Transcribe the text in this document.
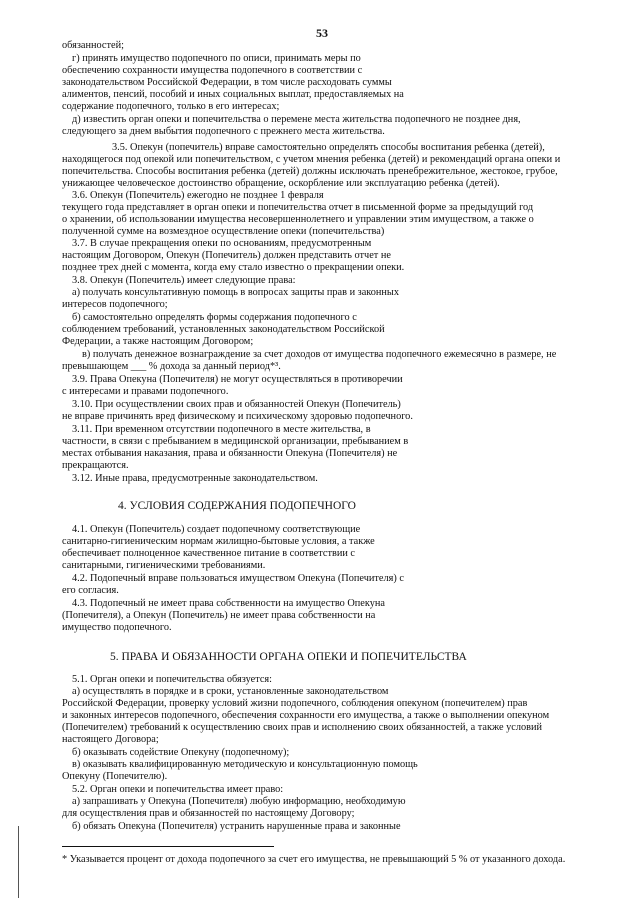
53
обязанностей;
г) принять имущество подопечного по описи, принимать меры по
обеспечению сохранности имущества подопечного в соответствии с
законодательством Российской Федерации, в том числе расходовать суммы
алиментов, пенсий, пособий и иных социальных выплат, предоставляемых на
содержание подопечного, только в его интересах;
д) известить орган опеки и попечительства о перемене места жительства подопечного не позднее дня,
следующего за днем выбытия подопечного с прежнего места жительства.
3.5. Опекун (попечитель) вправе самостоятельно определять способы воспитания ребенка (детей),
находящегося под опекой или попечительством, с учетом мнения ребенка (детей) и рекомендаций органа опеки и
попечительства. Способы воспитания ребенка (детей) должны исключать пренебрежительное, жестокое, грубое,
унижающее человеческое достоинство обращение, оскорбление или эксплуатацию ребенка (детей).
3.6. Опекун (Попечитель) ежегодно не позднее 1 февраля
текущего года представляет в орган опеки и попечительства отчет в письменной форме за предыдущий год
о хранении, об использовании имущества несовершеннолетнего и управлении этим имуществом, а также о
полученной сумме на возмездное осуществление опеки (попечительства)
3.7. В случае прекращения опеки по основаниям, предусмотренным
настоящим Договором, Опекун (Попечитель) должен представить отчет не
позднее трех дней с момента, когда ему стало известно о прекращении опеки.
3.8. Опекун (Попечитель) имеет следующие права:
а) получать консультативную помощь в вопросах защиты прав и законных
интересов подопечного;
б) самостоятельно определять формы содержания подопечного с
соблюдением требований, установленных законодательством Российской
Федерации, а также настоящим Договором;
в) получать денежное вознаграждение за счет доходов от имущества подопечного ежемесячно в размере, не
превышающем ___ % дохода за данный период*³.
3.9. Права Опекуна (Попечителя) не могут осуществляться в противоречии
с интересами и правами подопечного.
3.10. При осуществлении своих прав и обязанностей Опекун (Попечитель)
не вправе причинять вред физическому и психическому здоровью подопечного.
3.11. При временном отсутствии подопечного в месте жительства, в
частности, в связи с пребыванием в медицинской организации, пребыванием в
местах отбывания наказания, права и обязанности Опекуна (Попечителя) не
прекращаются.
3.12. Иные права, предусмотренные законодательством.
4. УСЛОВИЯ СОДЕРЖАНИЯ ПОДОПЕЧНОГО
4.1. Опекун (Попечитель) создает подопечному соответствующие
санитарно-гигиеническим нормам жилищно-бытовые условия, а также
обеспечивает полноценное качественное питание в соответствии с
санитарными, гигиеническими требованиями.
4.2. Подопечный вправе пользоваться имуществом Опекуна (Попечителя) с
его согласия.
4.3. Подопечный не имеет права собственности на имущество Опекуна
(Попечителя), а Опекун (Попечитель) не имеет права собственности на
имущество подопечного.
5. ПРАВА И ОБЯЗАННОСТИ ОРГАНА ОПЕКИ И ПОПЕЧИТЕЛЬСТВА
5.1. Орган опеки и попечительства обязуется:
а) осуществлять в порядке и в сроки, установленные законодательством
Российской Федерации, проверку условий жизни подопечного, соблюдения опекуном (попечителем) прав
и законных интересов подопечного, обеспечения сохранности его имущества, а также о выполнении опекуном
(Попечителем) требований к осуществлению своих прав и исполнению своих обязанностей, а также условий
настоящего Договора;
б) оказывать содействие Опекуну (подопечному);
в) оказывать квалифицированную методическую и консультационную помощь
Опекуну (Попечителю).
5.2. Орган опеки и попечительства имеет право:
а) запрашивать у Опекуна (Попечителя) любую информацию, необходимую
для осуществления прав и обязанностей по настоящему Договору;
б) обязать Опекуна (Попечителя) устранить нарушенные права и законные
* Указывается процент от дохода подопечного за счет его имущества, не превышающий 5 % от указанного дохода.
